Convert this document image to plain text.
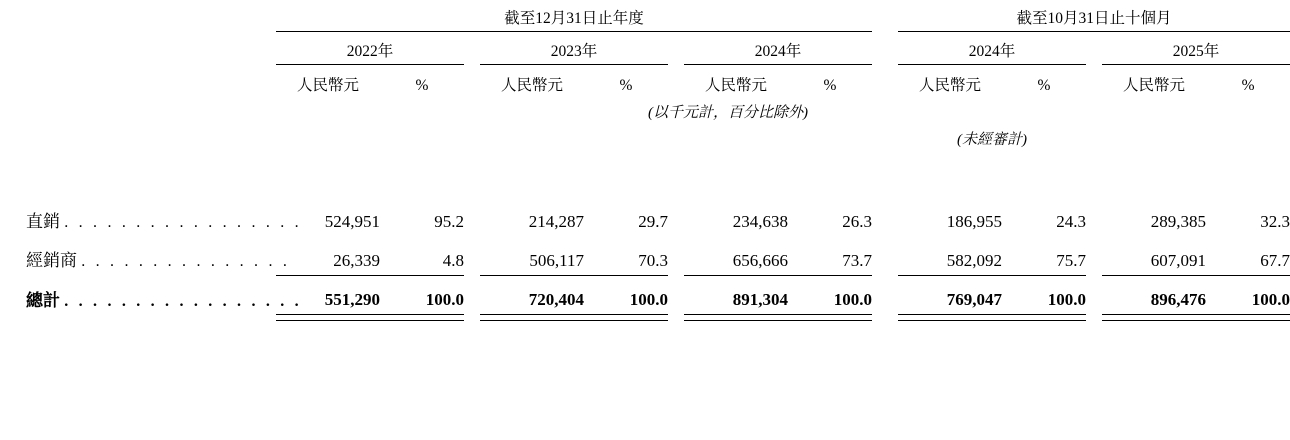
	截至12月31日止年度									截至10月31日止十個月				

	2022年			2023年			2024年			2024年			2025年	

	人民幣元	%		人民幣元	%		人民幣元	%		人民幣元	%		人民幣元	%
					(以千元計，百分比除外)									
										(未經審計)				

直銷 . . . . . . . . . . . . . . . . .	524,951	95.2		214,287	29.7		234,638	26.3		186,955	24.3		289,385	32.3
經銷商 . . . . . . . . . . . . . . .	26,339	4.8		506,117	70.3		656,666	73.7		582,092	75.7		607,091	67.7

總計 . . . . . . . . . . . . . . . . .	551,290	100.0		720,404	100.0		891,304	100.0		769,047	100.0		896,476	100.0
